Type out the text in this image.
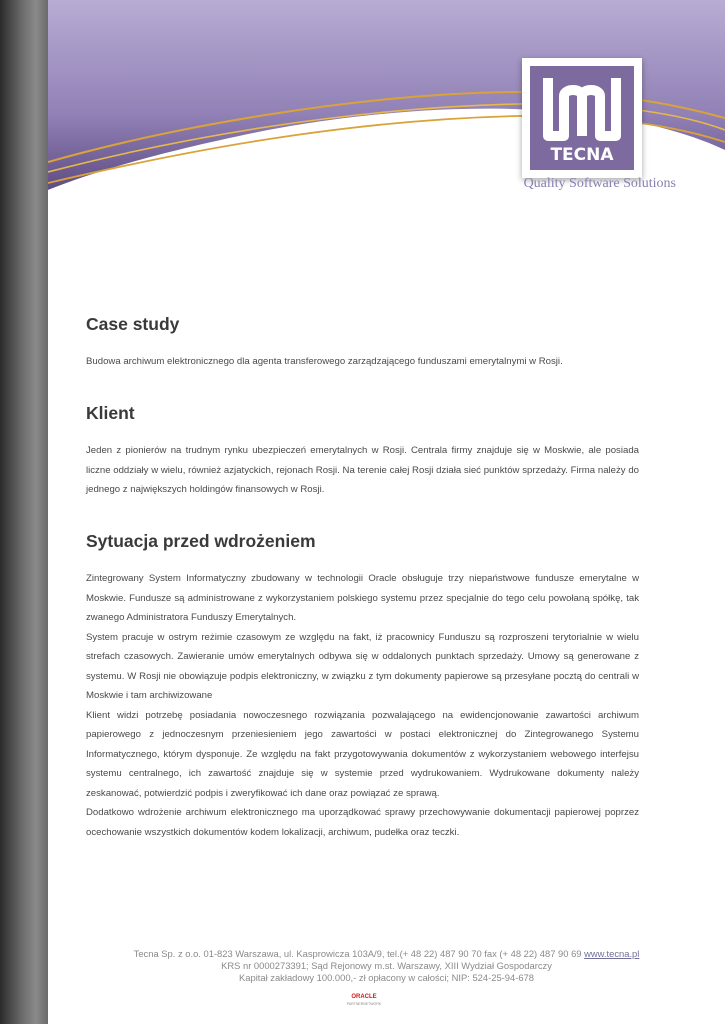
TECNA
Quality Software Solutions
Case study
Budowa archiwum elektronicznego dla agenta transferowego zarządzającego funduszami emerytalnymi w Rosji.
Klient
Jeden z pionierów na trudnym rynku ubezpieczeń emerytalnych w Rosji. Centrala firmy znajduje się w Moskwie, ale posiada liczne oddziały w wielu, również azjatyckich, rejonach Rosji. Na terenie całej Rosji działa sieć punktów sprzedaży. Firma należy do jednego z największych holdingów finansowych w Rosji.
Sytuacja przed wdrożeniem
Zintegrowany System Informatyczny zbudowany w technologii Oracle obsługuje trzy niepaństwowe fundusze emerytalne w Moskwie. Fundusze są administrowane z wykorzystaniem polskiego systemu przez specjalnie do tego celu powołaną spółkę, tak zwanego Administratora Funduszy Emerytalnych.
System pracuje w ostrym reżimie czasowym ze względu na fakt, iż pracownicy Funduszu są rozproszeni terytorialnie w wielu strefach czasowych. Zawieranie umów emerytalnych odbywa się w oddalonych punktach sprzedaży. Umowy są generowane z systemu. W Rosji nie obowiązuje podpis elektroniczny, w związku z tym dokumenty papierowe są przesyłane pocztą do centrali w Moskwie i tam archiwizowane
Klient widzi potrzebę posiadania nowoczesnego rozwiązania pozwalającego na ewidencjonowanie zawartości archiwum papierowego z jednoczesnym przeniesieniem jego zawartości w postaci elektronicznej do Zintegrowanego Systemu Informatycznego, którym dysponuje. Ze względu na fakt przygotowywania dokumentów z wykorzystaniem webowego interfejsu systemu centralnego, ich zawartość znajduje się w systemie przed wydrukowaniem. Wydrukowane dokumenty należy zeskanować, potwierdzić podpis i zweryfikować ich dane oraz powiązać ze sprawą.
Dodatkowo wdrożenie archiwum elektronicznego ma uporządkować sprawy przechowywanie dokumentacji papierowej poprzez ocechowanie wszystkich dokumentów kodem lokalizacji, archiwum, pudełka oraz teczki.
Tecna Sp. z o.o. 01-823 Warszawa, ul. Kasprowicza 103A/9, tel.(+ 48 22) 487 90 70 fax (+ 48 22) 487 90 69 www.tecna.pl
KRS nr 0000273391; Sąd Rejonowy m.st. Warszawy, XIII Wydział Gospodarczy
Kapitał zakładowy 100.000,- zł opłacony w całości; NIP: 524-25-94-678
ORACLE
PARTNERNETWORK
